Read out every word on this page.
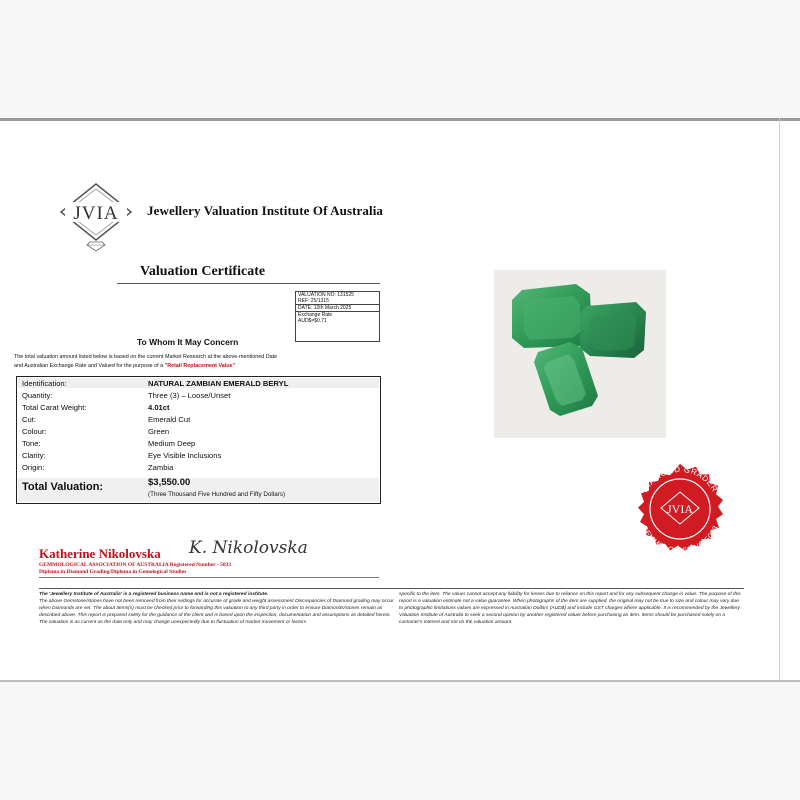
JVIA Jewellery Valuation Institute Of Australia
Valuation Certificate
VALUATION NO: 131525
REF: 25/1315
DATE: 12th March 2025
Exchange Rate
AUD$=$0.71
To Whom It May Concern
The total valuation amount listed below is based on the current Market Research at the above-mentioned Date
and Australian Exchange Rate and Valued for the purpose of a "Retail Replacement Value"
Identification:	NATURAL ZAMBIAN EMERALD BERYL
Quantity:	Three (3) – Loose/Unset
Total Carat Weight:	4.01ct
Cut:	Emerald Cut
Colour:	Green
Tone:	Medium Deep
Clarity:	Eye Visible Inclusions
Origin:	Zambia
Total Valuation:	$3,550.00
(Three Thousand Five Hundred and Fifty Dollars)
DIAMOND GRADER
GEMMOLOGIST NO.5033
JVIA
Katherine Nikolovska K. Nikolovska
GEMMOLOGICAL ASSOCIATION OF AUSTRALIA Registered Number - 5033
Diploma in Diamond Grading/Diploma in Gemological Studies
The 'Jewellery Institute of Australia' is a registered business name and is not a registered institute.
The above Gemstone/stones have not been removed from their settings for accurate of grade and weight assessment Discrepancies of Diamond grading may occur when Diamonds are set. The about items(s) must be checked prior to forwarding this valuation to any third party in order to ensure Diamonds/stones remain as described above. This report is prepared solely for the guidance of the client and is based upon the inspection, documentation and assumptions as detailed herein. The valuation is as current as the date only and may change unexpectedly due to fluctuation of market movement or factors
specific to the item. The valuer cannot accept any liability for losses due to reliance on this report and for any subsequent change in value. The purpose of this report is a valuation estimate not a value guarantee. When photographs of the item are supplied, the original may not be true to size and colour may vary due to photographic limitations values are expressed in Australian Dollars (AUD$) and include GST charges where applicable. It is recommended by the Jewellery Valuation Institute of Australia to seek a second opinion by another registered valuer before purchasing an item. Items should be purchased solely on a customer's interest and not on the valuation amount.
